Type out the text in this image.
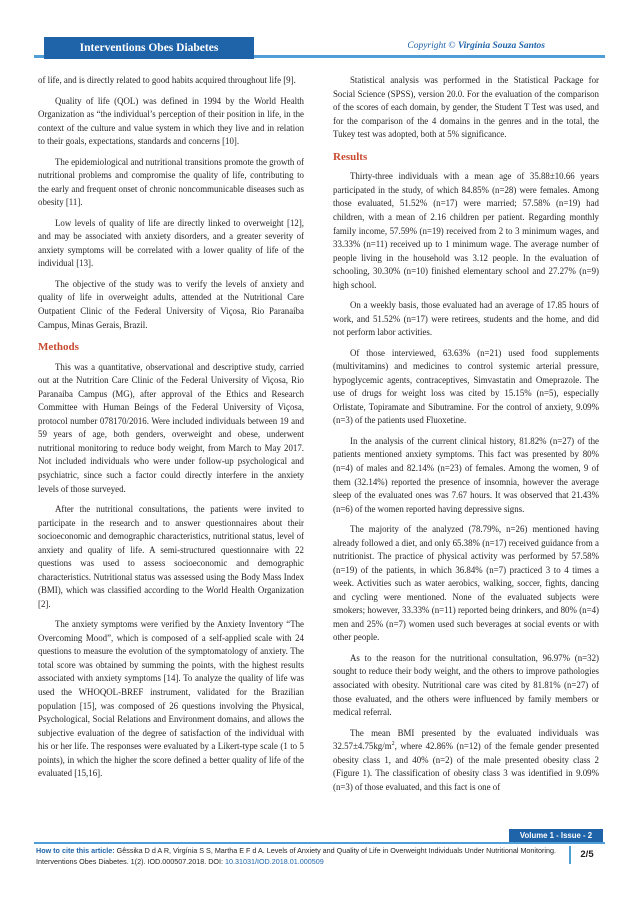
Interventions Obes Diabetes	Copyright © Virgínia Souza Santos

of life, and is directly related to good habits acquired throughout life [9].

Quality of life (QOL) was defined in 1994 by the World Health Organization as “the individual’s perception of their position in life, in the context of the culture and value system in which they live and in relation to their goals, expectations, standards and concerns [10].

The epidemiological and nutritional transitions promote the growth of nutritional problems and compromise the quality of life, contributing to the early and frequent onset of chronic noncommunicable diseases such as obesity [11].

Low levels of quality of life are directly linked to overweight [12], and may be associated with anxiety disorders, and a greater severity of anxiety symptoms will be correlated with a lower quality of life of the individual [13].

The objective of the study was to verify the levels of anxiety and quality of life in overweight adults, attended at the Nutritional Care Outpatient Clinic of the Federal University of Viçosa, Rio Paranaíba Campus, Minas Gerais, Brazil.

Methods

This was a quantitative, observational and descriptive study, carried out at the Nutrition Care Clinic of the Federal University of Viçosa, Rio Paranaíba Campus (MG), after approval of the Ethics and Research Committee with Human Beings of the Federal University of Viçosa, protocol number 078170/2016. Were included individuals between 19 and 59 years of age, both genders, overweight and obese, underwent nutritional monitoring to reduce body weight, from March to May 2017. Not included individuals who were under follow-up psychological and psychiatric, since such a factor could directly interfere in the anxiety levels of those surveyed.

After the nutritional consultations, the patients were invited to participate in the research and to answer questionnaires about their socioeconomic and demographic characteristics, nutritional status, level of anxiety and quality of life. A semi-structured questionnaire with 22 questions was used to assess socioeconomic and demographic characteristics. Nutritional status was assessed using the Body Mass Index (BMI), which was classified according to the World Health Organization [2].

The anxiety symptoms were verified by the Anxiety Inventory “The Overcoming Mood”, which is composed of a self-applied scale with 24 questions to measure the evolution of the symptomatology of anxiety. The total score was obtained by summing the points, with the highest results associated with anxiety symptoms [14]. To analyze the quality of life was used the WHOQOL-BREF instrument, validated for the Brazilian population [15], was composed of 26 questions involving the Physical, Psychological, Social Relations and Environment domains, and allows the subjective evaluation of the degree of satisfaction of the individual with his or her life. The responses were evaluated by a Likert-type scale (1 to 5 points), in which the higher the score defined a better quality of life of the evaluated [15,16].

Statistical analysis was performed in the Statistical Package for Social Science (SPSS), version 20.0. For the evaluation of the comparison of the scores of each domain, by gender, the Student T Test was used, and for the comparison of the 4 domains in the genres and in the total, the Tukey test was adopted, both at 5% significance.

Results

Thirty-three individuals with a mean age of 35.88±10.66 years participated in the study, of which 84.85% (n=28) were females. Among those evaluated, 51.52% (n=17) were married; 57.58% (n=19) had children, with a mean of 2.16 children per patient. Regarding monthly family income, 57.59% (n=19) received from 2 to 3 minimum wages, and 33.33% (n=11) received up to 1 minimum wage. The average number of people living in the household was 3.12 people. In the evaluation of schooling, 30.30% (n=10) finished elementary school and 27.27% (n=9) high school.

On a weekly basis, those evaluated had an average of 17.85 hours of work, and 51.52% (n=17) were retirees, students and the home, and did not perform labor activities.

Of those interviewed, 63.63% (n=21) used food supplements (multivitamins) and medicines to control systemic arterial pressure, hypoglycemic agents, contraceptives, Simvastatin and Omeprazole. The use of drugs for weight loss was cited by 15.15% (n=5), especially Orlistate, Topiramate and Sibutramine. For the control of anxiety, 9.09% (n=3) of the patients used Fluoxetine.

In the analysis of the current clinical history, 81.82% (n=27) of the patients mentioned anxiety symptoms. This fact was presented by 80% (n=4) of males and 82.14% (n=23) of females. Among the women, 9 of them (32.14%) reported the presence of insomnia, however the average sleep of the evaluated ones was 7.67 hours. It was observed that 21.43% (n=6) of the women reported having depressive signs.

The majority of the analyzed (78.79%, n=26) mentioned having already followed a diet, and only 65.38% (n=17) received guidance from a nutritionist. The practice of physical activity was performed by 57.58% (n=19) of the patients, in which 36.84% (n=7) practiced 3 to 4 times a week. Activities such as water aerobics, walking, soccer, fights, dancing and cycling were mentioned. None of the evaluated subjects were smokers; however, 33.33% (n=11) reported being drinkers, and 80% (n=4) men and 25% (n=7) women used such beverages at social events or with other people.

As to the reason for the nutritional consultation, 96.97% (n=32) sought to reduce their body weight, and the others to improve pathologies associated with obesity. Nutritional care was cited by 81.81% (n=27) of those evaluated, and the others were influenced by family members or medical referral.

The mean BMI presented by the evaluated individuals was $32.57\pm 4.75kg/m^2$, where 42.86% (n=12) of the female gender presented obesity class 1, and 40% (n=2) of the male presented obesity class 2 (Figure 1). The classification of obesity class 3 was identified in 9.09% (n=3) of those evaluated, and this fact is one of

Volume 1 - Issue - 2
How to cite this article: Gêssika D d A R, Virgínia S S, Martha E F d A. Levels of Anxiety and Quality of Life in Overweight Individuals Under Nutritional Monitoring. Interventions Obes Diabetes. 1(2). IOD.000507.2018. DOI: 10.31031/IOD.2018.01.000509
2/5
